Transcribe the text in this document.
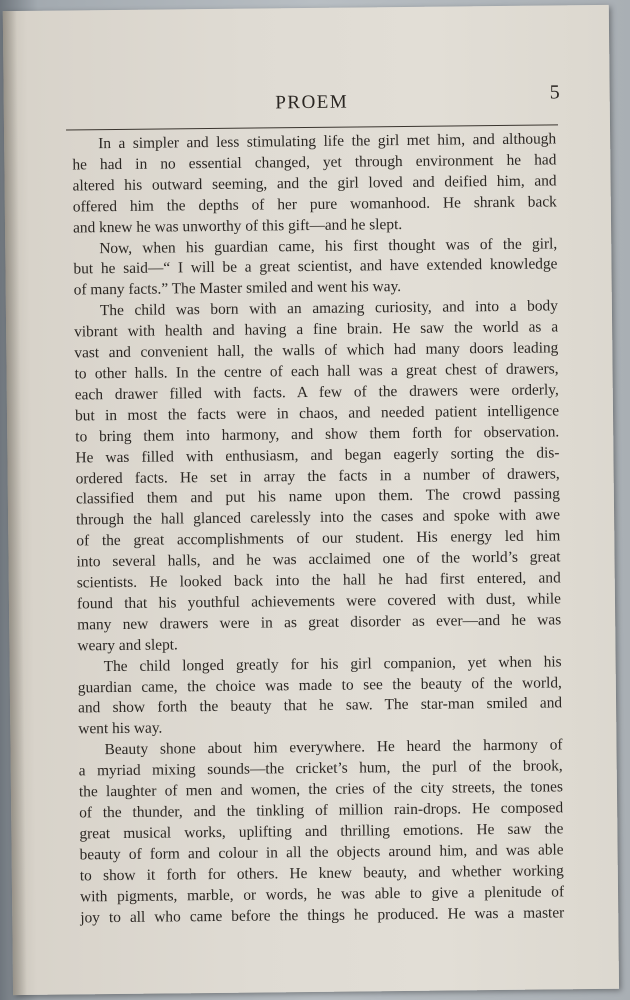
PROEM	5
In a simpler and less stimulating life the girl met him, and although
he had in no essential changed, yet through environment he had
altered his outward seeming, and the girl loved and deified him, and
offered him the depths of her pure womanhood. He shrank back
and knew he was unworthy of this gift—and he slept.
Now, when his guardian came, his first thought was of the girl,
but he said—“ I will be a great scientist, and have extended knowledge
of many facts.” The Master smiled and went his way.
The child was born with an amazing curiosity, and into a body
vibrant with health and having a fine brain. He saw the world as a
vast and convenient hall, the walls of which had many doors leading
to other halls. In the centre of each hall was a great chest of drawers,
each drawer filled with facts. A few of the drawers were orderly,
but in most the facts were in chaos, and needed patient intelligence
to bring them into harmony, and show them forth for observation.
He was filled with enthusiasm, and began eagerly sorting the dis-
ordered facts. He set in array the facts in a number of drawers,
classified them and put his name upon them. The crowd passing
through the hall glanced carelessly into the cases and spoke with awe
of the great accomplishments of our student. His energy led him
into several halls, and he was acclaimed one of the world’s great
scientists. He looked back into the hall he had first entered, and
found that his youthful achievements were covered with dust, while
many new drawers were in as great disorder as ever—and he was
weary and slept.
The child longed greatly for his girl companion, yet when his
guardian came, the choice was made to see the beauty of the world,
and show forth the beauty that he saw. The star-man smiled and
went his way.
Beauty shone about him everywhere. He heard the harmony of
a myriad mixing sounds—the cricket’s hum, the purl of the brook,
the laughter of men and women, the cries of the city streets, the tones
of the thunder, and the tinkling of million rain-drops. He composed
great musical works, uplifting and thrilling emotions. He saw the
beauty of form and colour in all the objects around him, and was able
to show it forth for others. He knew beauty, and whether working
with pigments, marble, or words, he was able to give a plenitude of
joy to all who came before the things he produced. He was a master
